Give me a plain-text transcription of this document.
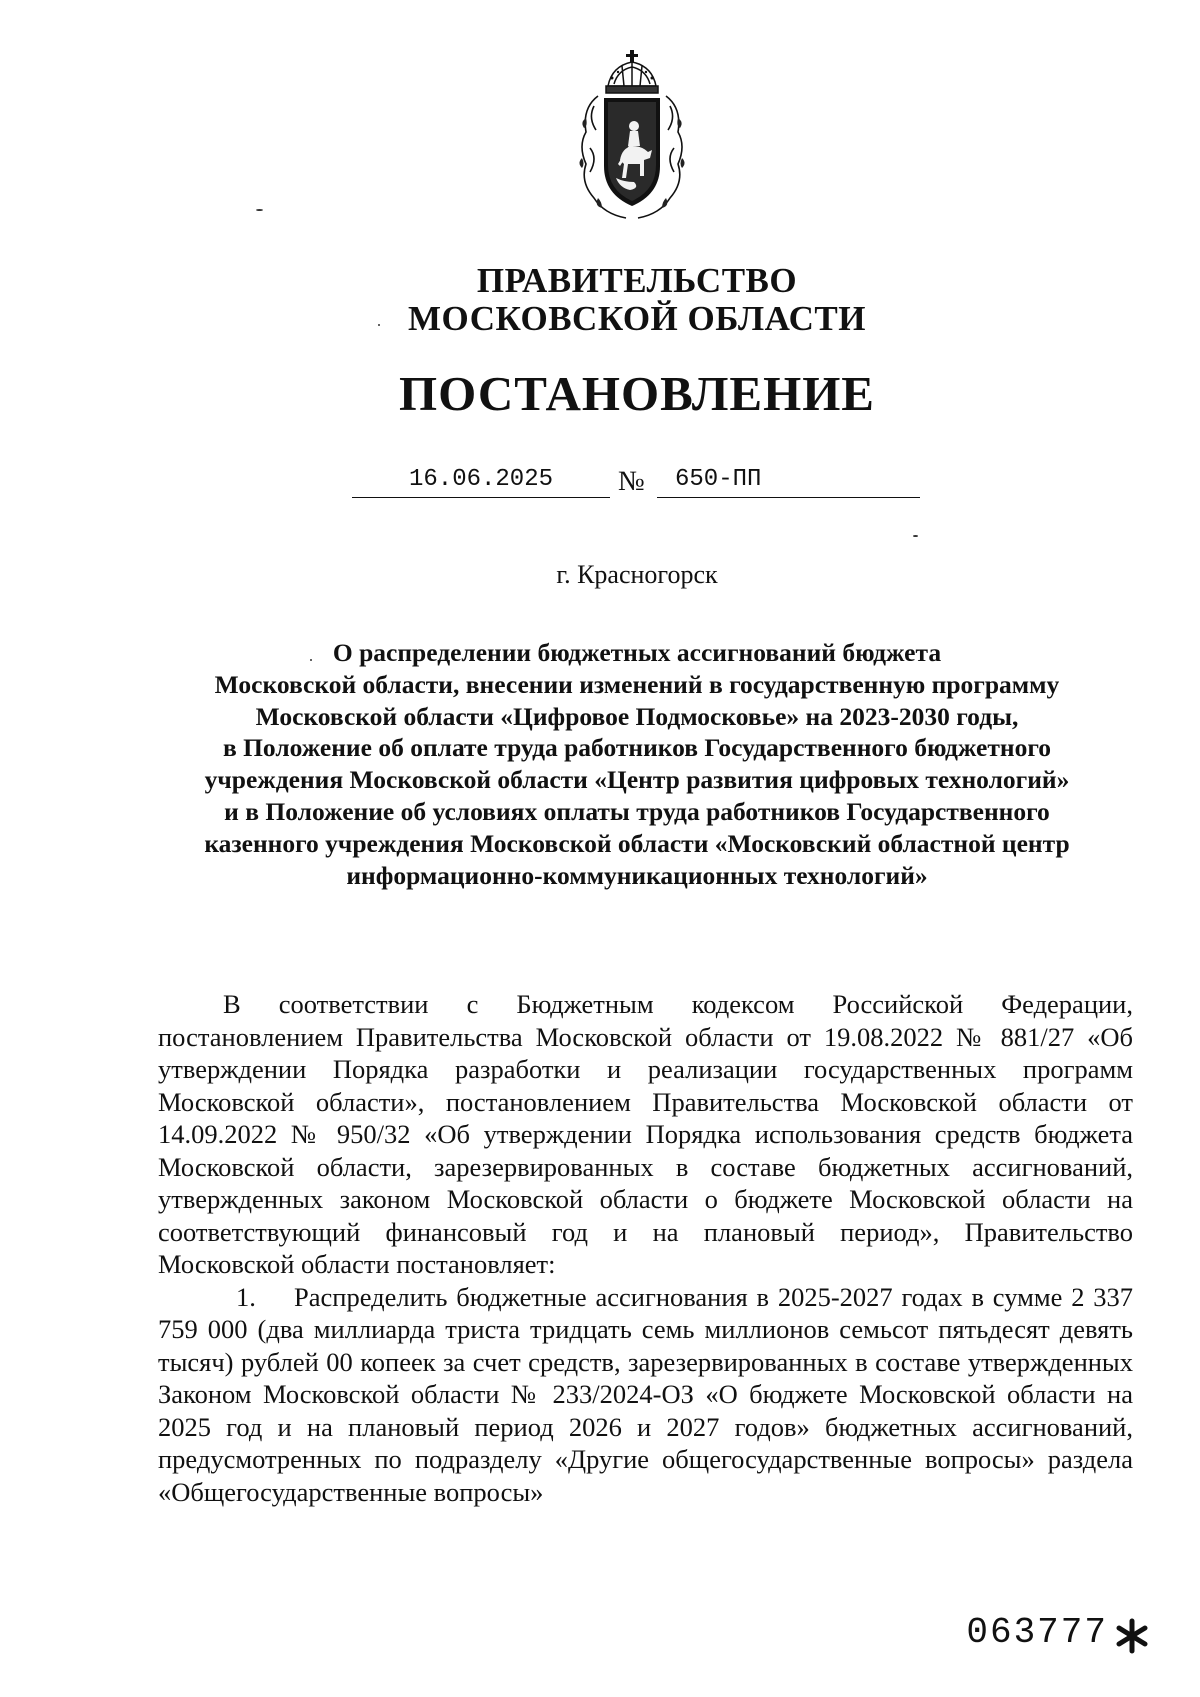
ПРАВИТЕЛЬСТВО
МОСКОВСКОЙ ОБЛАСТИ
ПОСТАНОВЛЕНИЕ
16.06.2025	№	650-ПП
г. Красногорск
О распределении бюджетных ассигнований бюджета
Московской области, внесении изменений в государственную программу
Московской области «Цифровое Подмосковье» на 2023-2030 годы,
в Положение об оплате труда работников Государственного бюджетного
учреждения Московской области «Центр развития цифровых технологий»
и в Положение об условиях оплаты труда работников Государственного
казенного учреждения Московской области «Московский областной центр
информационно-коммуникационных технологий»

В соответствии с Бюджетным кодексом Российской Федерации, постановлением Правительства Московской области от 19.08.2022 № 881/27 «Об утверждении Порядка разработки и реализации государственных программ Московской области», постановлением Правительства Московской области от 14.09.2022 № 950/32 «Об утверждении Порядка использования средств бюджета Московской области, зарезервированных в составе бюджетных ассигнований, утвержденных законом Московской области о бюджете Московской области на соответствующий финансовый год и на плановый период», Правительство Московской области постановляет:

1. Распределить бюджетные ассигнования в 2025-2027 годах в сумме 2 337 759 000 (два миллиарда триста тридцать семь миллионов семьсот пятьдесят девять тысяч) рублей 00 копеек за счет средств, зарезервированных в составе утвержденных Законом Московской области № 233/2024-ОЗ «О бюджете Московской области на 2025 год и на плановый период 2026 и 2027 годов» бюджетных ассигнований, предусмотренных по подразделу «Другие общегосударственные вопросы» раздела «Общегосударственные вопросы»

063777
